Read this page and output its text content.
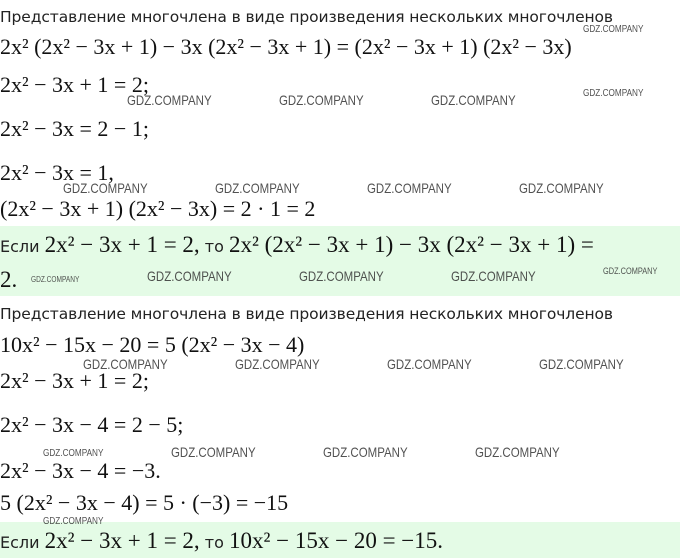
Представление многочлена в виде произведения нескольких многочленов
2x² (2x² − 3x + 1) − 3x (2x² − 3x + 1) = (2x² − 3x + 1) (2x² − 3x)
2x² − 3x + 1 = 2;
2x² − 3x = 2 − 1;
2x² − 3x = 1,
(2x² − 3x + 1) (2x² − 3x) = 2 · 1 = 2
Если 2x² − 3x + 1 = 2, то 2x² (2x² − 3x + 1) − 3x (2x² − 3x + 1) =
2.
Представление многочлена в виде произведения нескольких многочленов
10x² − 15x − 20 = 5 (2x² − 3x − 4)
2x² − 3x + 1 = 2;
2x² − 3x − 4 = 2 − 5;
2x² − 3x − 4 = −3.
5 (2x² − 3x − 4) = 5 · (−3) = −15
Если 2x² − 3x + 1 = 2, то 10x² − 15x − 20 = −15.
GDZ.COMPANY
GDZ.COMPANY	GDZ.COMPANY	GDZ.COMPANY	GDZ.COMPANY
GDZ.COMPANY	GDZ.COMPANY	GDZ.COMPANY	GDZ.COMPANY
GDZ.COMPANY	GDZ.COMPANY	GDZ.COMPANY	GDZ.COMPANY	GDZ.COMPANY
GDZ.COMPANY	GDZ.COMPANY	GDZ.COMPANY	GDZ.COMPANY
GDZ.COMPANY	GDZ.COMPANY	GDZ.COMPANY	GDZ.COMPANY
GDZ.COMPANY
